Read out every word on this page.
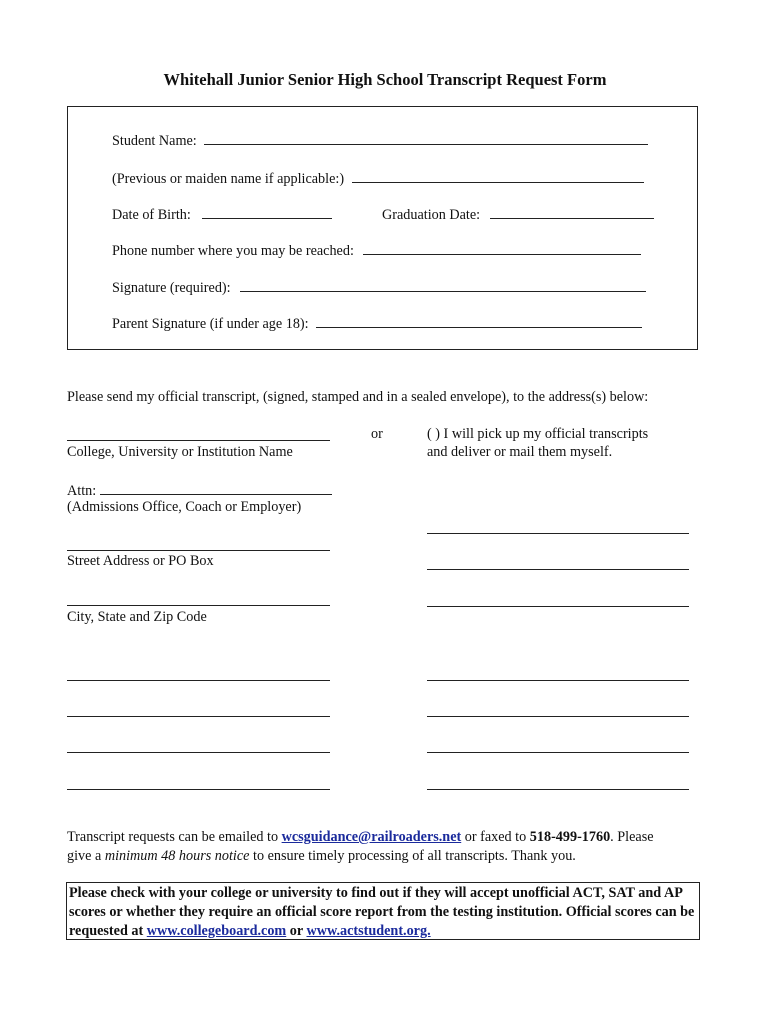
Whitehall Junior Senior High School Transcript Request Form
Student Name:
(Previous or maiden name if applicable:)
Date of Birth:	Graduation Date:
Phone number where you may be reached:
Signature (required):
Parent Signature (if under age 18):
Please send my official transcript, (signed, stamped and in a sealed envelope), to the address(s) below:
College, University or Institution Name
Attn:
(Admissions Office, Coach or Employer)
Street Address or PO Box
City, State and Zip Code
or	( ) I will pick up my official transcripts
and deliver or mail them myself.
Transcript requests can be emailed to wcsguidance@railroaders.net or faxed to 518-499-1760. Please
give a minimum 48 hours notice to ensure timely processing of all transcripts. Thank you.
Please check with your college or university to find out if they will accept unofficial ACT, SAT and AP scores or whether they require an official score report from the testing institution. Official scores can be requested at www.collegeboard.com or www.actstudent.org.
